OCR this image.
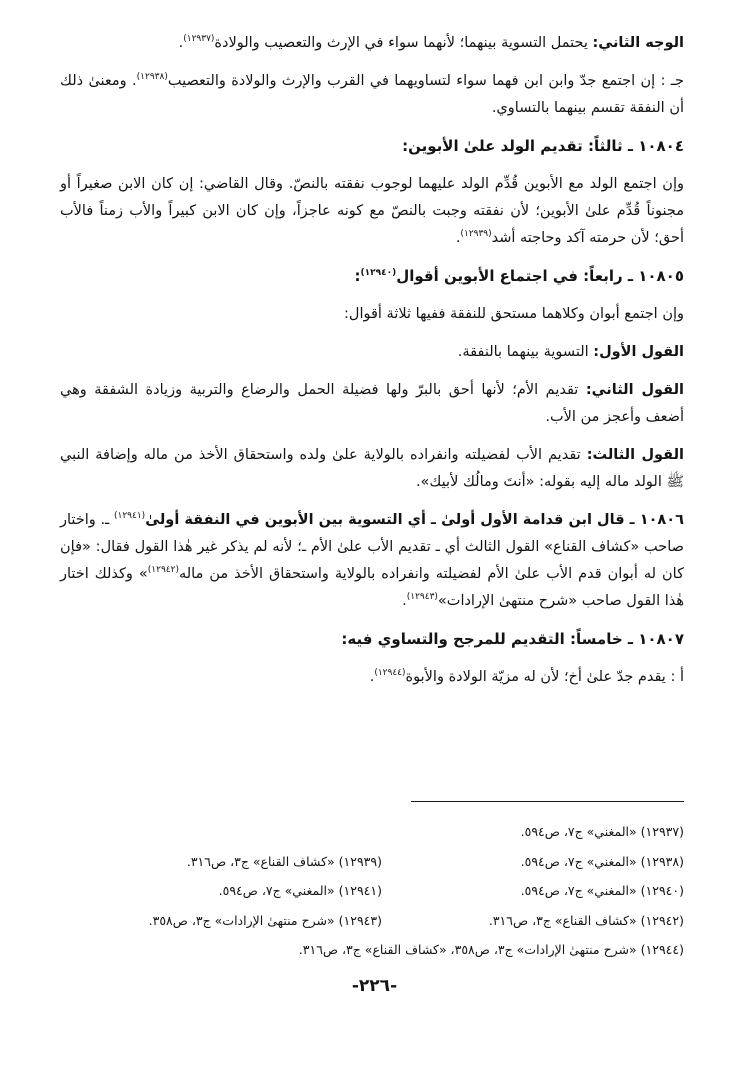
الوجه الثاني: يحتمل التسوية بينهما؛ لأنهما سواء في الإرث والتعصيب والولادة$^{(١٢٩٣٧)}$.

جـ : إن اجتمع جدّ وابن ابن فهما سواء لتساويهما في القرب والإرث والولادة والتعصيب$^{(١٢٩٣٨)}$. ومعنىٰ ذلك أن النفقة تقسم بينهما بالتساوي.

١٠٨٠٤ ـ ثالثاً: تقديم الولد علىٰ الأبوين:

وإن اجتمع الولد مع الأبوين قُدِّم الولد عليهما لوجوب نفقته بالنصّ. وقال القاضي: إن كان الابن صغيراً أو مجنوناً قُدِّم علىٰ الأبوين؛ لأن نفقته وجبت بالنصّ مع كونه عاجزاً، وإن كان الابن كبيراً والأب زمناً فالأب أحق؛ لأن حرمته آكد وحاجته أشد$^{(١٢٩٣٩)}$.

١٠٨٠٥ ـ رابعاً: في اجتماع الأبوين أقوال$^{(١٢٩٤٠)}$:

وإن اجتمع أبوان وكلاهما مستحق للنفقة ففيها ثلاثة أقوال:

القول الأول: التسوية بينهما بالنفقة.

القول الثاني: تقديم الأم؛ لأنها أحق بالبرّ ولها فضيلة الحمل والرضاع والتربية وزيادة الشفقة وهي أضعف وأعجز من الأب.

القول الثالث: تقديم الأب لفضيلته وانفراده بالولاية علىٰ ولده واستحقاق الأخذ من ماله وإضافة النبي ﷺ الولد ماله إليه بقوله: «أنتَ ومالُك لأبيك».

١٠٨٠٦ ـ قال ابن قدامة الأول أولىٰ ـ أي التسوية بين الأبوين في النفقة أولىٰ$^{(١٢٩٤١)}$ ـ. واختار صاحب «كشاف القناع» القول الثالث أي ـ تقديم الأب علىٰ الأم ـ؛ لأنه لم يذكر غير هٰذا القول فقال: «فإن كان له أبوان قدم الأب علىٰ الأم لفضيلته وانفراده بالولاية واستحقاق الأخذ من ماله$^{(١٢٩٤٢)}$» وكذلك اختار هٰذا القول صاحب «شرح منتهىٰ الإرادات»$^{(١٢٩٤٣)}$.

١٠٨٠٧ ـ خامساً: التقديم للمرجح والتساوي فيه:

أ : يقدم جدّ علىٰ أخ؛ لأن له مزيّة الولادة والأبوة$^{(١٢٩٤٤)}$.

(١٢٩٣٧) «المغني» ج٧، ص٥٩٤.
(١٢٩٣٨) «المغني» ج٧، ص٥٩٤.
(١٢٩٣٩) «كشاف القناع» ج٣، ص٣١٦.
(١٢٩٤٠) «المغني» ج٧، ص٥٩٤.
(١٢٩٤١) «المغني» ج٧، ص٥٩٤.
(١٢٩٤٢) «كشاف القناع» ج٣، ص٣١٦.
(١٢٩٤٣) «شرح منتهىٰ الإرادات» ج٣، ص٣٥٨.
(١٢٩٤٤) «شرح منتهىٰ الإرادات» ج٣، ص٣٥٨، «كشاف القناع» ج٣، ص٣١٦.
-٢٢٦-
